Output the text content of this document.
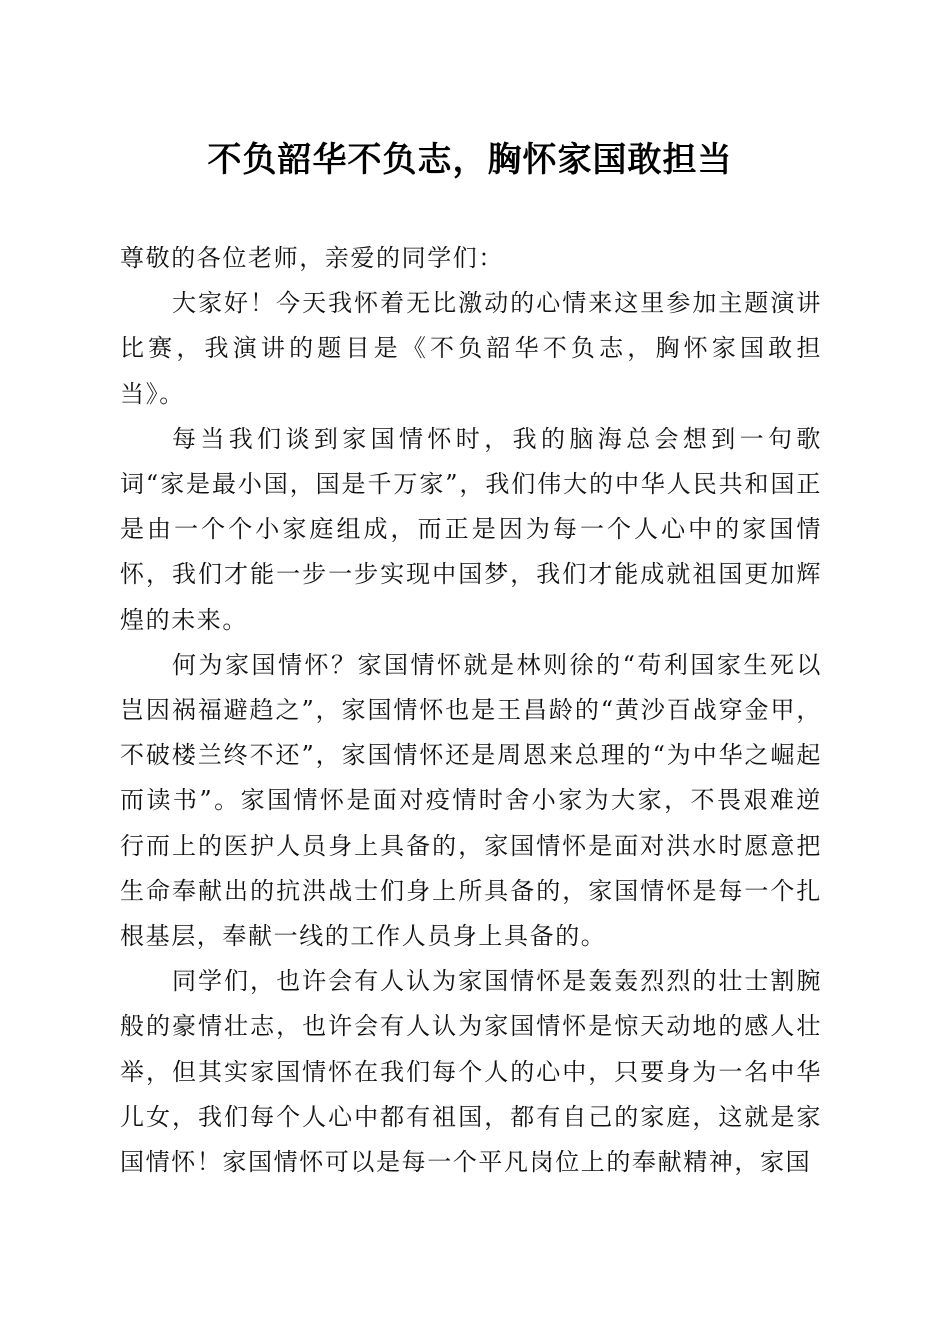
不负韶华不负志，胸怀家国敢担当

尊敬的各位老师，亲爱的同学们：

大家好！今天我怀着无比激动的心情来这里参加主题演讲比赛，我演讲的题目是《不负韶华不负志，胸怀家国敢担当》。

每当我们谈到家国情怀时，我的脑海总会想到一句歌词“家是最小国，国是千万家”，我们伟大的中华人民共和国正是由一个个小家庭组成，而正是因为每一个人心中的家国情怀，我们才能一步一步实现中国梦，我们才能成就祖国更加辉煌的未来。

何为家国情怀？家国情怀就是林则徐的“苟利国家生死以岂因祸福避趋之”，家国情怀也是王昌龄的“黄沙百战穿金甲，不破楼兰终不还”，家国情怀还是周恩来总理的“为中华之崛起而读书”。家国情怀是面对疫情时舍小家为大家，不畏艰难逆行而上的医护人员身上具备的，家国情怀是面对洪水时愿意把生命奉献出的抗洪战士们身上所具备的，家国情怀是每一个扎根基层，奉献一线的工作人员身上具备的。

同学们，也许会有人认为家国情怀是轰轰烈烈的壮士割腕般的豪情壮志，也许会有人认为家国情怀是惊天动地的感人壮举，但其实家国情怀在我们每个人的心中，只要身为一名中华儿女，我们每个人心中都有祖国，都有自己的家庭，这就是家国情怀！家国情怀可以是每一个平凡岗位上的奉献精神，家国
